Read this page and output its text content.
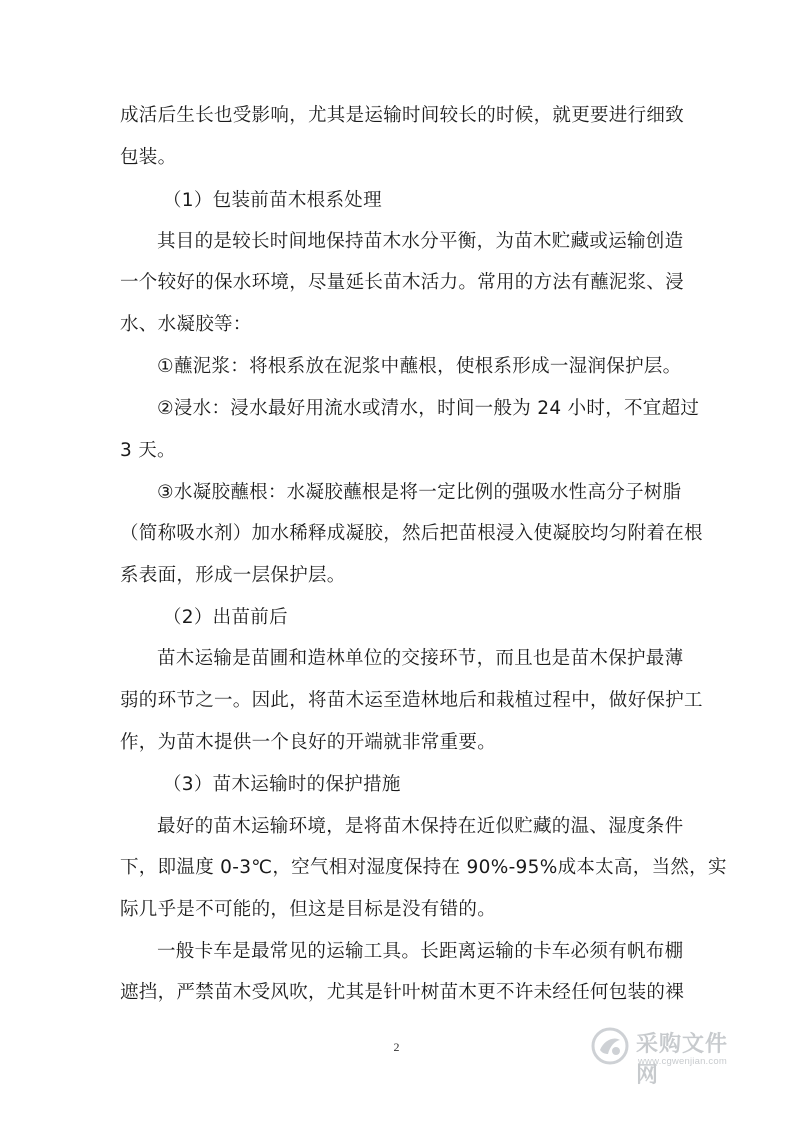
成活后生长也受影响，尤其是运输时间较长的时候，就更要进行细致
包装。
（1）包装前苗木根系处理
其目的是较长时间地保持苗木水分平衡，为苗木贮藏或运输创造
一个较好的保水环境，尽量延长苗木活力。常用的方法有蘸泥浆、浸
水、水凝胶等：
①蘸泥浆：将根系放在泥浆中蘸根，使根系形成一湿润保护层。
②浸水：浸水最好用流水或清水，时间一般为 24 小时，不宜超过
3 天。
③水凝胶蘸根：水凝胶蘸根是将一定比例的强吸水性高分子树脂
（简称吸水剂）加水稀释成凝胶，然后把苗根浸入使凝胶均匀附着在根
系表面，形成一层保护层。
（2）出苗前后
苗木运输是苗圃和造林单位的交接环节，而且也是苗木保护最薄
弱的环节之一。因此，将苗木运至造林地后和栽植过程中，做好保护工
作，为苗木提供一个良好的开端就非常重要。
（3）苗木运输时的保护措施
最好的苗木运输环境，是将苗木保持在近似贮藏的温、湿度条件
下，即温度 0-3℃，空气相对湿度保持在 90%-95%成本太高，当然，实
际几乎是不可能的，但这是目标是没有错的。
一般卡车是最常见的运输工具。长距离运输的卡车必须有帆布棚
遮挡，严禁苗木受风吹，尤其是针叶树苗木更不许未经任何包装的裸
2	采购文件网
www.cgwenjian.com
